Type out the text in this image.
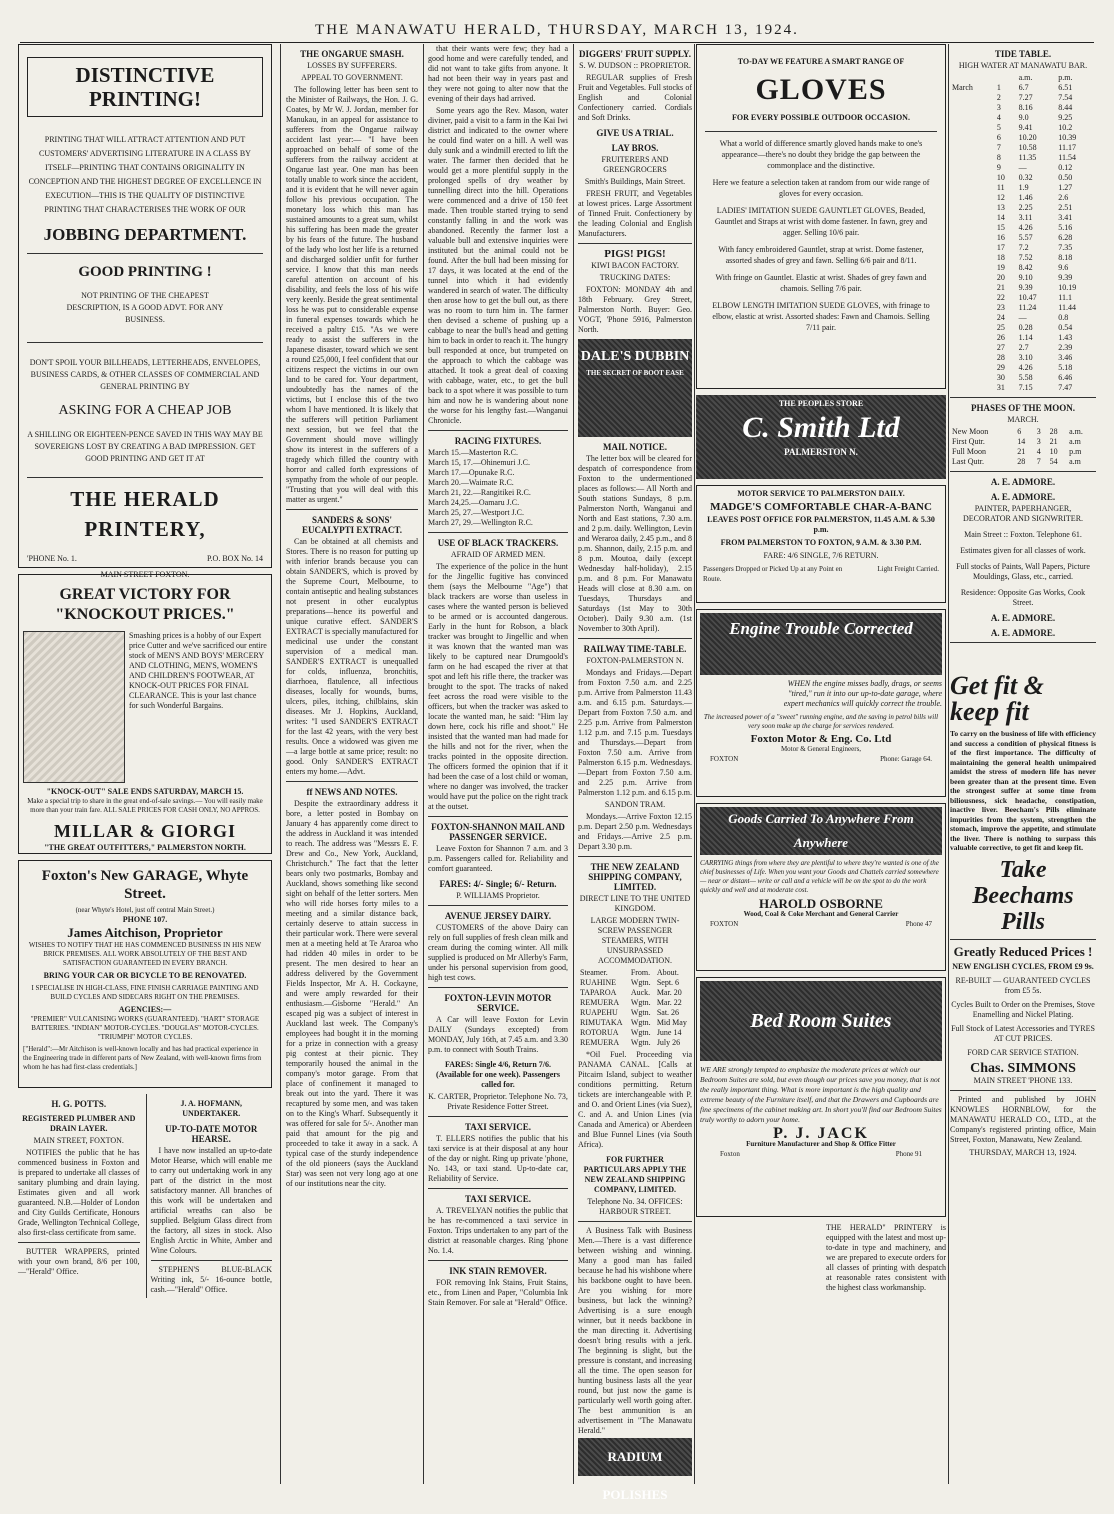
THE MANAWATU HERALD, THURSDAY, MARCH 13, 1924.
DISTINCTIVE PRINTING!
PRINTING THAT WILL ATTRACT ATTENTION AND PUT CUSTOMERS' ADVERTISING LITERATURE IN A CLASS BY ITSELF—PRINTING THAT CONTAINS ORIGINALITY IN CONCEPTION AND THE HIGHEST DEGREE OF EXCELLENCE IN EXECUTION—THIS IS THE QUALITY OF DISTINCTIVE PRINTING THAT CHARACTERISES THE WORK OF OUR
JOBBING DEPARTMENT.
GOOD PRINTING !
NOT PRINTING OF THE CHEAPEST DESCRIPTION, IS A GOOD ADVT. FOR ANY BUSINESS.
DON'T SPOIL YOUR BILLHEADS, LETTERHEADS, ENVELOPES, BUSINESS CARDS, & OTHER CLASSES OF COMMERCIAL AND GENERAL PRINTING BY
ASKING FOR A CHEAP JOB
A SHILLING OR EIGHTEEN-PENCE SAVED IN THIS WAY MAY BE SOVEREIGNS LOST BY CREATING A BAD IMPRESSION. GET GOOD PRINTING AND GET IT AT
THE HERALD PRINTERY,
'PHONE No. 1.	P.O. BOX No. 14
MAIN STREET FOXTON.
GREAT VICTORY FOR "KNOCKOUT PRICES."
Smashing prices is a hobby of our Expert price Cutter and we've sacrificed our entire stock of MEN'S AND BOYS' MERCERY AND CLOTHING, MEN'S, WOMEN'S AND CHILDREN'S FOOTWEAR, AT KNOCK-OUT PRICES FOR FINAL CLEARANCE. This is your last chance for such Wonderful Bargains.
"KNOCK-OUT" SALE ENDS SATURDAY, MARCH 15.
Make a special trip to share in the great end-of-sale savings.— You will easily make more than your train fare. ALL SALE PRICES FOR CASH ONLY, NO APPROS.
MILLAR & GIORGI
"THE GREAT OUTFITTERS," PALMERSTON NORTH.
Foxton's New GARAGE, Whyte Street.
(near Whyte's Hotel, just off central Main Street.)
PHONE 107.
James Aitchison, Proprietor
WISHES TO NOTIFY THAT HE HAS COMMENCED BUSINESS IN HIS NEW BRICK PREMISES. ALL WORK ABSOLUTELY OF THE BEST AND SATISFACTION GUARANTEED IN EVERY BRANCH.
BRING YOUR CAR OR BICYCLE TO BE RENOVATED.
I SPECIALISE IN HIGH-CLASS, FINE FINISH CARRIAGE PAINTING AND BUILD CYCLES AND SIDECARS RIGHT ON THE PREMISES.
AGENCIES:—
"PREMIER" VULCANISING WORKS (GUARANTEED). "HART" STORAGE BATTERIES. "INDIAN" MOTOR-CYCLES. "DOUGLAS" MOTOR-CYCLES. "TRIUMPH" MOTOR CYCLES.
["Herald":—Mr Aitchison is well-known locally and has had practical experience in the Engineering trade in different parts of New Zealand, with well-known firms from whom he has had first-class credentials.]
H. G. POTTS.
REGISTERED PLUMBER AND DRAIN LAYER.
MAIN STREET, FOXTON.

NOTIFIES the public that he has commenced business in Foxton and is prepared to undertake all classes of sanitary plumbing and drain laying. Estimates given and all work guaranteed. N.B.—Holder of London and City Guilds Certificate, Honours Grade, Wellington Technical College, also first-class certificate from same.

BUTTER WRAPPERS, printed with your own brand, 8/6 per 100, —"Herald" Office.

J. A. HOFMANN, UNDERTAKER.
UP-TO-DATE MOTOR HEARSE.

I have now installed an up-to-date Motor Hearse, which will enable me to carry out undertaking work in any part of the district in the most satisfactory manner. All branches of this work will be undertaken and artificial wreaths can also be supplied. Belgium Glass direct from the factory, all sizes in stock. Also English Arctic in White, Amber and Wine Colours.

STEPHEN'S BLUE-BLACK Writing ink, 5/- 16-ounce bottle, cash.—"Herald" Office.

THE ONGARUE SMASH.
LOSSES BY SUFFERERS.
APPEAL TO GOVERNMENT.

The following letter has been sent to the Minister of Railways, the Hon. J. G. Coates, by Mr W. J. Jordan, member for Manukau, in an appeal for assistance to sufferers from the Ongarue railway accident last year:— "I have been approached on behalf of some of the sufferers from the railway accident at Ongarue last year. One man has been totally unable to work since the accident, and it is evident that he will never again follow his previous occupation. The monetary loss which this man has sustained amounts to a great sum, whilst his suffering has been made the greater by his fears of the future. The husband of the lady who lost her life is a returned and discharged soldier unfit for further service. I know that this man needs careful attention on account of his disability, and feels the loss of his wife very keenly. Beside the great sentimental loss he was put to considerable expense in funeral expenses towards which he received a paltry £15. "As we were ready to assist the sufferers in the Japanese disaster, toward which we sent a round £25,000, I feel confident that our citizens respect the victims in our own land to be cared for. Your department, undoubtedly has the names of the victims, but I enclose this of the two whom I have mentioned. It is likely that the sufferers will petition Parliament next session, but we feel that the Government should move willingly show its interest in the sufferers of a tragedy which filled the country with horror and called forth expressions of sympathy from the whole of our people. "Trusting that you will deal with this matter as urgent."

SANDERS & SONS' EUCALYPTI EXTRACT.

Can be obtained at all chemists and Stores. There is no reason for putting up with inferior brands because you can obtain SANDER'S, which is proved by the Supreme Court, Melbourne, to contain antiseptic and healing substances not present in other eucalyptus preparations—hence its powerful and unique curative effect. SANDER'S EXTRACT is specially manufactured for medicinal use under the constant supervision of a medical man. SANDER'S EXTRACT is unequalled for colds, influenza, bronchitis, diarrhoea, flatulence, all infectious diseases, locally for wounds, burns, ulcers, piles, itching, chilblains, skin diseases. Mr J. Hopkins, Auckland, writes: "I used SANDER'S EXTRACT for the last 42 years, with the very best results. Once a widowed was given me—a large bottle at same price; result: no good. Only SANDER'S EXTRACT enters my home.—Advt.

ff NEWS AND NOTES.

Despite the extraordinary address it bore, a letter posted in Bombay on January 4 has apparently come direct to the address in Auckland it was intended to reach. The address was "Messrs E. F. Drew and Co., New York, Auckland, Christchurch." The fact that the letter bears only two postmarks, Bombay and Auckland, shows something like second sight on behalf of the letter sorters. Men who will ride horses forty miles to a meeting and a similar distance back, certainly deserve to attain success in their particular work. There were several men at a meeting held at Te Araroa who had ridden 40 miles in order to be present. The men desired to hear an address delivered by the Government Fields Inspector, Mr A. H. Cockayne, and were amply rewarded for their enthusiasm.—Gisborne "Herald." An escaped pig was a subject of interest in Auckland last week. The Company's employees had bought it in the morning for a prize in connection with a greasy pig contest at their picnic. They temporarily housed the animal in the company's motor garage. From that place of confinement it managed to break out into the yard. There it was recaptured by some men, and was taken on to the King's Wharf. Subsequently it was offered for sale for 5/-. Another man paid that amount for the pig and proceeded to take it away in a sack. A typical case of the sturdy independence of the old pioneers (says the Auckland Star) was seen not very long ago at one of our institutions near the city.

that their wants were few; they had a good home and were carefully tended, and did not want to take gifts from anyone. It had not been their way in years past and they were not going to alter now that the evening of their days had arrived.

Some years ago the Rev. Mason, water diviner, paid a visit to a farm in the Kai Iwi district and indicated to the owner where he could find water on a hill. A well was duly sunk and a windmill erected to lift the water. The farmer then decided that he would get a more plentiful supply in the prolonged spells of dry weather by tunnelling direct into the hill. Operations were commenced and a drive of 150 feet made. Then trouble started trying to send constantly falling in and the work was abandoned. Recently the farmer lost a valuable bull and extensive inquiries were instituted but the animal could not be found. After the bull had been missing for 17 days, it was located at the end of the tunnel into which it had evidently wandered in search of water. The difficulty then arose how to get the bull out, as there was no room to turn him in. The farmer then devised a scheme of pushing up a cabbage to near the bull's head and getting him to back in order to reach it. The hungry bull responded at once, but trumpeted on the approach to which the cabbage was attached. It took a great deal of coaxing with cabbage, water, etc., to get the bull back to a spot where it was possible to turn him and now he is wandering about none the worse for his lengthy fast.—Wanganui Chronicle.

RACING FIXTURES.
March 15.—Masterton R.C.
March 15, 17.—Ohinemuri J.C.
March 17.—Opunake R.C.
March 20.—Waimate R.C.
March 21, 22.—Rangitikei R.C.
March 24,25.—Oamaru J.C.
March 25, 27.—Westport J.C.
March 27, 29.—Wellington R.C.
USE OF BLACK TRACKERS.
AFRAID OF ARMED MEN.

The experience of the police in the hunt for the Jingellic fugitive has convinced them (says the Melbourne "Age") that black trackers are worse than useless in cases where the wanted person is believed to be armed or is accounted dangerous. Early in the hunt for Robson, a black tracker was brought to Jingellic and when it was known that the wanted man was likely to be captured near Drumgoold's farm on he had escaped the river at that spot and left his rifle there, the tracker was brought to the spot. The tracks of naked feet across the road were visible to the officers, but when the tracker was asked to locate the wanted man, he said: "Him lay down here, cock his rifle and shoot." He insisted that the wanted man had made for the hills and not for the river, when the tracks pointed in the opposite direction. The officers formed the opinion that if it had been the case of a lost child or woman, where no danger was involved, the tracker would have put the police on the right track at the outset.

FOXTON-SHANNON MAIL AND PASSENGER SERVICE.

Leave Foxton for Shannon 7 a.m. and 3 p.m. Passengers called for. Reliability and comfort guaranteed.

FARES: 4/- Single; 6/- Return.
P. WILLIAMS Proprietor.
AVENUE JERSEY DAIRY.

CUSTOMERS of the above Dairy can rely on full supplies of fresh clean milk and cream during the coming winter. All milk supplied is produced on Mr Allerby's Farm, under his personal supervision from good, high test cows.

FOXTON-LEVIN MOTOR SERVICE.

A Car will leave Foxton for Levin DAILY (Sundays excepted) from MONDAY, July 16th, at 7.45 a.m. and 3.30 p.m. to connect with South Trains.

FARES: Single 4/6, Return 7/6. (Available for one week). Passengers called for.
K. CARTER, Proprietor. Telephone No. 73, Private Residence Fotter Street.
TAXI SERVICE.

T. ELLERS notifies the public that his taxi service is at their disposal at any hour of the day or night. Ring up private 'phone, No. 143, or taxi stand. Up-to-date car, Reliability of Service.

TAXI SERVICE.

A. TREVELYAN notifies the public that he has re-commenced a taxi service in Foxton. Trips undertaken to any part of the district at reasonable charges. Ring 'phone No. 1.4.

INK STAIN REMOVER.

FOR removing Ink Stains, Fruit Stains, etc., from Linen and Paper, "Columbia Ink Stain Remover. For sale at "Herald" Office.

DIGGERS' FRUIT SUPPLY.
S. W. DUDSON :: PROPRIETOR.

REGULAR supplies of Fresh Fruit and Vegetables. Full stocks of English and Colonial Confectionery carried. Cordials and Soft Drinks.

GIVE US A TRIAL.
LAY BROS.
FRUITERERS AND GREENGROCERS
Smith's Buildings, Main Street.

FRESH FRUIT, and Vegetables at lowest prices. Large Assortment of Tinned Fruit. Confectionery by the leading Colonial and English Manufacturers.

PIGS! PIGS!
KIWI BACON FACTORY.
TRUCKING DATES:

FOXTON: MONDAY 4th and 18th February. Grey Street, Palmerston North. Buyer: Geo. VOGT, 'Phone 5916, Palmerston North.

DALE'S DUBBIN
THE SECRET OF BOOT EASE
MAIL NOTICE.

The letter box will be cleared for despatch of correspondence from Foxton to the undermentioned places as follows:— All North and South stations Sundays, 8 p.m. Palmerston North, Wanganui and North and East stations, 7.30 a.m. and 2 p.m. daily. Wellington, Levin and Weraroa daily, 2.45 p.m., and 8 p.m. Shannon, daily, 2.15 p.m. and 8 p.m. Moutoa, daily (except Wednesday half-holiday), 2.15 p.m. and 8 p.m. For Manawatu Heads will close at 8.30 a.m. on Tuesdays, Thursdays and Saturdays (1st May to 30th October). Daily 9.30 a.m. (1st November to 30th April).

RAILWAY TIME-TABLE.
FOXTON-PALMERSTON N.

Mondays and Fridays.—Depart from Foxton 7.50 a.m. and 2.25 p.m. Arrive from Palmerston 11.43 a.m. and 6.15 p.m. Saturdays.—Depart from Foxton 7.50 a.m. and 2.25 p.m. Arrive from Palmerston 1.12 p.m. and 7.15 p.m. Tuesdays and Thursdays.—Depart from Foxton 7.50 a.m. Arrive from Palmerston 6.15 p.m. Wednesdays.—Depart from Foxton 7.50 a.m. and 2.25 p.m. Arrive from Palmerston 1.12 p.m. and 6.15 p.m.

SANDON TRAM.

Mondays.—Arrive Foxton 12.15 p.m. Depart 2.50 p.m. Wednesdays and Fridays.—Arrive 2.5 p.m. Depart 3.30 p.m.

THE NEW ZEALAND SHIPPING COMPANY, LIMITED.
DIRECT LINE TO THE UNITED KINGDOM.
LARGE MODERN TWIN-SCREW PASSENGER STEAMERS, WITH UNSURPASSED ACCOMMODATION.
Steamer.	From.	About.
RUAHINE	Wgtn.	Sept. 6
TAPAROA	Auck.	Mar. 20
REMUERA	Wgtn.	Mar. 22
RUAPEHU	Wgtn.	Sat. 26
RIMUTAKA	Wgtn.	Mid May
ROTORUA	Wgtn.	June 14
REMUERA	Wgtn.	July 26

*Oil Fuel. Proceeding via PANAMA CANAL. [Calls at Pitcairn Island, subject to weather conditions permitting. Return tickets are interchangeable with P. and O. and Orient Lines (via Suez), C. and A. and Union Lines (via Canada and America) or Aberdeen and Blue Funnel Lines (via South Africa).

FOR FURTHER PARTICULARS APPLY THE NEW ZEALAND SHIPPING COMPANY, LIMITED.
Telephone No. 34. OFFICES: HARBOUR STREET.

A Business Talk with Business Men.—There is a vast difference between wishing and winning. Many a good man has failed because he had his wishbone where his backbone ought to have been. Are you wishing for more business, but lack the winning? Advertising is a sure enough winner, but it needs backbone in the man directing it. Advertising doesn't bring results with a jerk. The beginning is slight, but the pressure is constant, and increasing all the time. The open season for hunting business lasts all the year round, but just now the game is particularly well worth going after. The best ammunition is an advertisement in "The Manawatu Herald."

RADIUM POLISHES
TO-DAY WE FEATURE A SMART RANGE OF
GLOVES
FOR EVERY POSSIBLE OUTDOOR OCCASION.
What a world of difference smartly gloved hands make to one's appearance—there's no doubt they bridge the gap between the commonplace and the distinctive.
Here we feature a selection taken at random from our wide range of gloves for every occasion.
LADIES' IMITATION SUEDE GAUNTLET GLOVES, Beaded, Gauntlet and Straps at wrist with dome fastener. In fawn, grey and agger. Selling 10/6 pair.
With fancy embroidered Gauntlet, strap at wrist. Dome fastener, assorted shades of grey and fawn. Selling 6/6 pair and 8/11.
With fringe on Gauntlet. Elastic at wrist. Shades of grey fawn and chamois. Selling 7/6 pair.
ELBOW LENGTH IMITATION SUEDE GLOVES, with frinage to elbow, elastic at wrist. Assorted shades: Fawn and Chamois. Selling 7/11 pair.
THE PEOPLES STORE
C. Smith Ltd
PALMERSTON N.
MOTOR SERVICE TO PALMERSTON DAILY.
MADGE'S COMFORTABLE CHAR-A-BANC
LEAVES POST OFFICE FOR PALMERSTON, 11.45 A.M. & 5.30 p.m.
FROM PALMERSTON TO FOXTON, 9 A.M. & 3.30 P.M.
FARE: 4/6 SINGLE, 7/6 RETURN.
Passengers Dropped or Picked Up at any Point en Route.
Light Freight Carried.
Engine Trouble Corrected
WHEN the engine misses badly, drags, or seems "tired," run it into our up-to-date garage, where expert mechanics will quickly correct the trouble.
The increased power of a "sweet" running engine, and the saving in petrol bills will very soon make up the charge for services rendered.
Foxton Motor & Eng. Co. Ltd
Motor & General Engineers,
FOXTON	Phone: Garage 64.
Goods Carried To Anywhere From Anywhere
CARRYING things from where they are plentiful to where they're wanted is one of the chief businesses of Life. When you want your Goods and Chattels carried somewhere — near or distant— write or call and a vehicle will be on the spot to do the work quickly and well and at moderate cost.
HAROLD OSBORNE
Wood, Coal & Coke Merchant and General Carrier
FOXTON	Phone 47
Bed Room Suites
WE ARE strongly tempted to emphasize the moderate prices at which our Bedroom Suites are sold, but even though our prices save you money, that is not the really important thing. What is more important is the high quality and extreme beauty of the Furniture itself, and that the Drawers and Cupboards are fine specimens of the cabinet making art. In short you'll find our Bedroom Suites truly worthy to adorn your home.
P. J. JACK
Furniture Manufacturer and Shop & Office Fitter
Foxton	Phone 91
THE HERALD" PRINTERY is equipped with the latest and most up-to-date in type and machinery, and we are prepared to execute orders for all classes of printing with despatch at reasonable rates consistent with the highest class workmanship.
TIDE TABLE.
HIGH WATER AT MANAWATU BAR.
		a.m.	p.m.
March	1	6.7	6.51
	2	7.27	7.54
	3	8.16	8.44
	4	9.0	9.25
	5	9.41	10.2
	6	10.20	10.39
	7	10.58	11.17
	8	11.35	11.54
	9	—	0.12
	10	0.32	0.50
	11	1.9	1.27
	12	1.46	2.6
	13	2.25	2.51
	14	3.11	3.41
	15	4.26	5.16
	16	5.57	6.28
	17	7.2	7.35
	18	7.52	8.18
	19	8.42	9.6
	20	9.10	9.39
	21	9.39	10.19
	22	10.47	11.1
	23	11.24	11.44
	24	—	0.8
	25	0.28	0.54
	26	1.14	1.43
	27	2.7	2.39
	28	3.10	3.46
	29	4.26	5.18
	30	5.58	6.46
	31	7.15	7.47
PHASES OF THE MOON.
MARCH.
New Moon	6	3	28	a.m.
First Qutr.	14	3	21	a.m
Full Moon	21	4	10	p.m
Last Qutr.	28	7	54	a.m
A. E. ADMORE.
A. E. ADMORE.
PAINTER, PAPERHANGER, DECORATOR AND SIGNWRITER.
Main Street :: Foxton. Telephone 61.
Estimates given for all classes of work.
Full stocks of Paints, Wall Papers, Picture Mouldings, Glass, etc., carried.
Residence: Opposite Gas Works, Cook Street.
A. E. ADMORE.
A. E. ADMORE.
Get fit & keep fit
To carry on the business of life with efficiency and success a condition of physical fitness is of the first importance. The difficulty of maintaining the general health unimpaired amidst the stress of modern life has never been greater than at the present time. Even the strongest suffer at some time from biliousness, sick headache, constipation, inactive liver. Beecham's Pills eliminate impurities from the system, strengthen the stomach, improve the appetite, and stimulate the liver. There is nothing to surpass this valuable corrective, to get fit and keep fit.
Take Beechams Pills
Greatly Reduced Prices !
NEW ENGLISH CYCLES, FROM £9 9s.
RE-BUILT — GUARANTEED CYCLES from £5 5s.
Cycles Built to Order on the Premises, Stove Enamelling and Nickel Plating.
Full Stock of Latest Accessories and TYRES AT CUT PRICES.
FORD CAR SERVICE STATION.
Chas. SIMMONS
MAIN STREET 'PHONE 133.

Printed and published by JOHN KNOWLES HORNBLOW, for the MANAWATU HERALD CO., LTD., at the Company's registered printing office, Main Street, Foxton, Manawatu, New Zealand.

THURSDAY, MARCH 13, 1924.
